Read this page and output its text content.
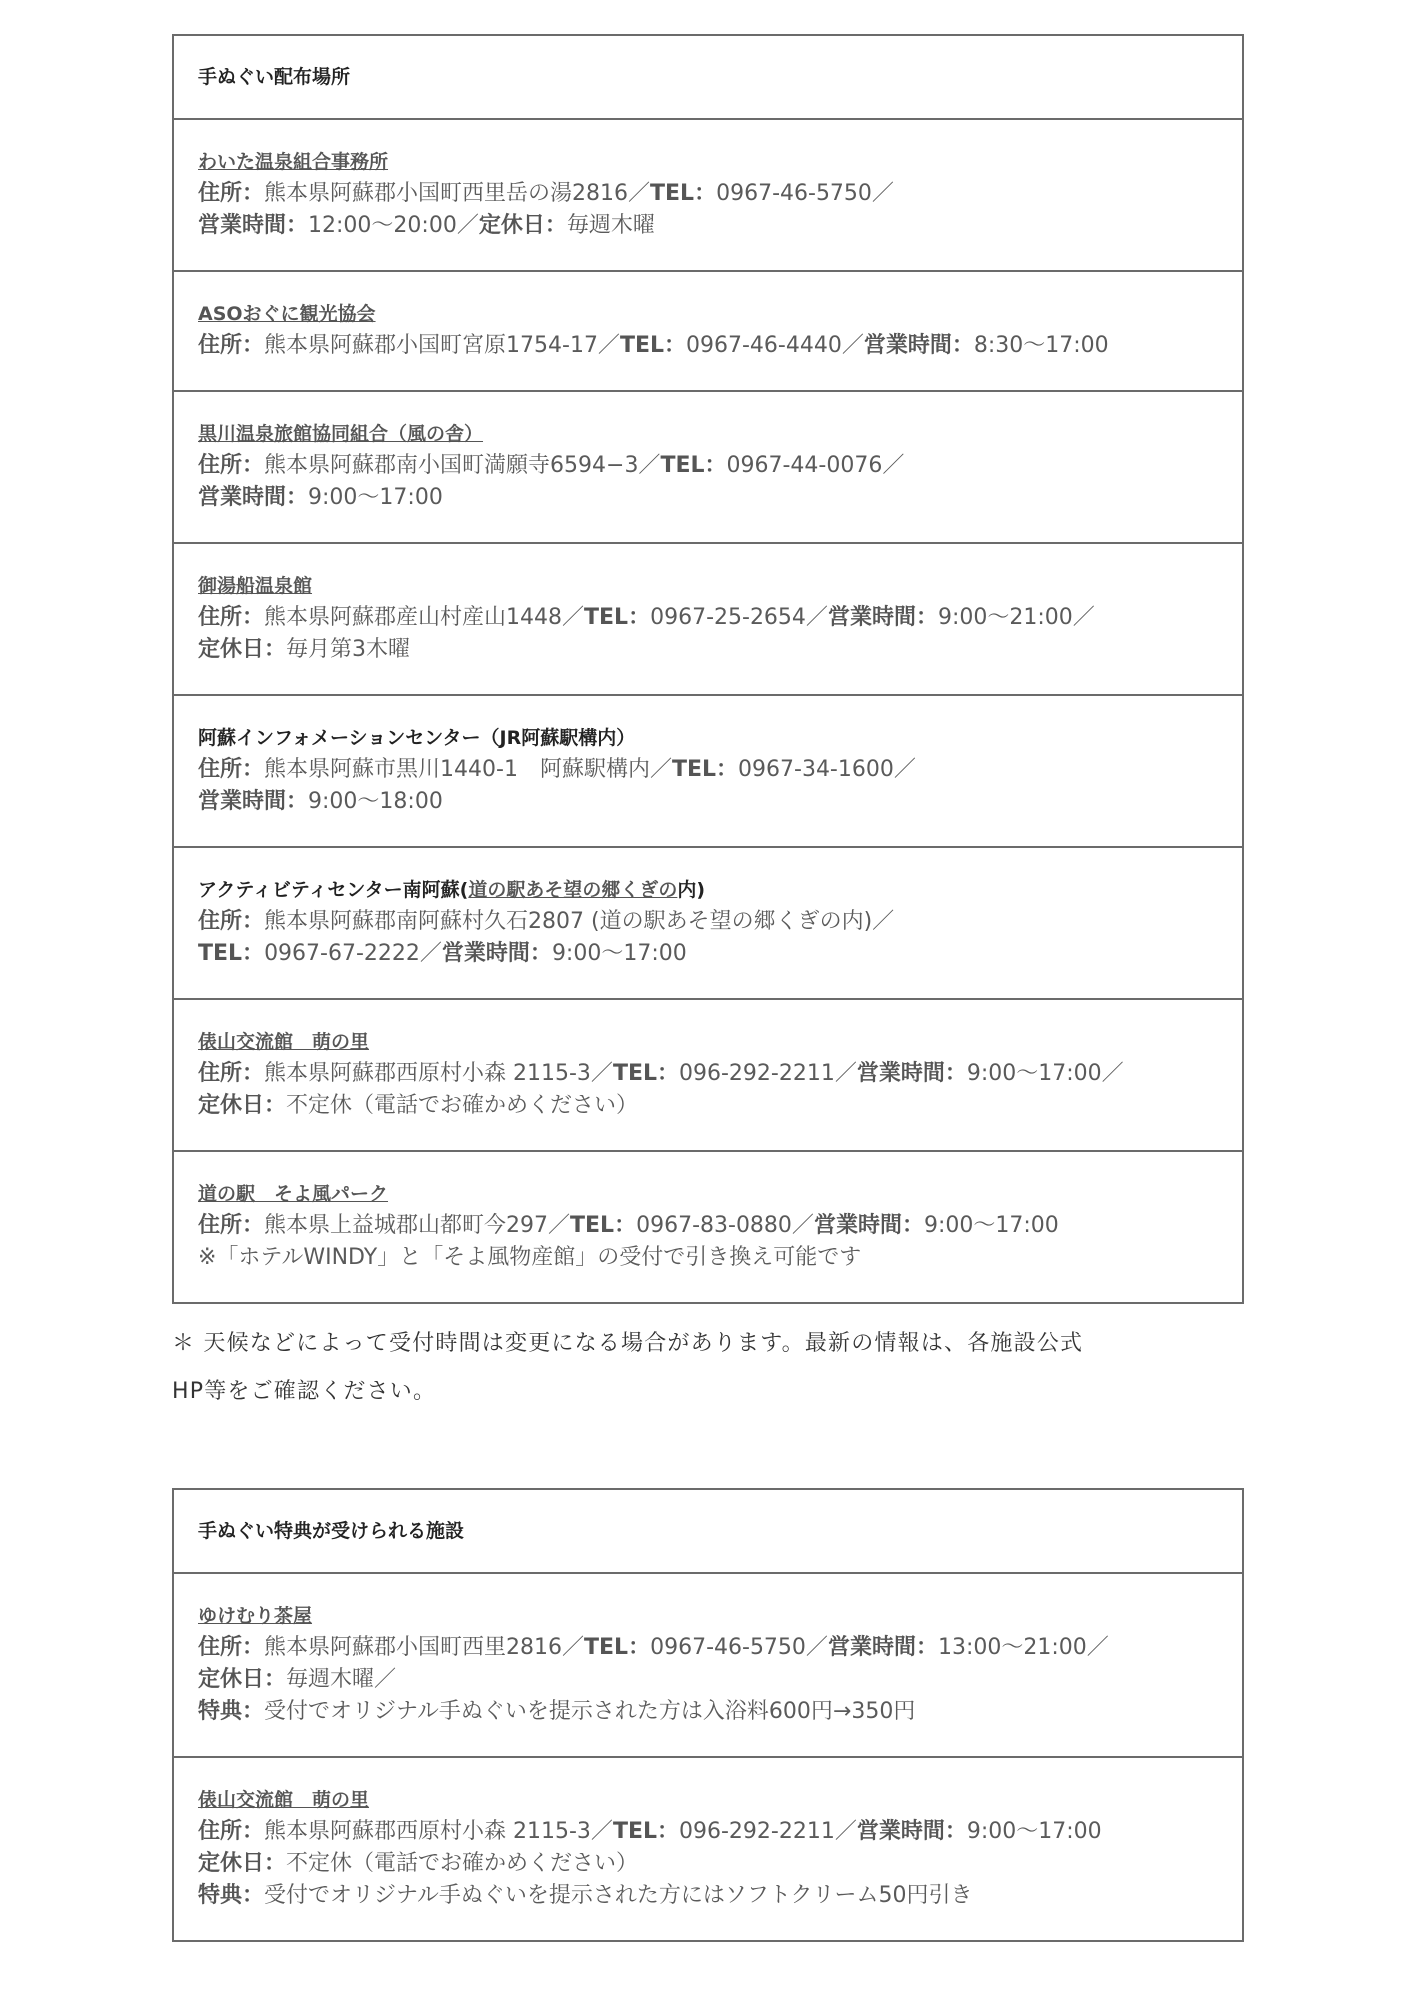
手ぬぐい配布場所

わいた温泉組合事務所
住所：熊本県阿蘇郡小国町西里岳の湯2816／TEL：0967-46-5750／
営業時間：12:00〜20:00／定休日：毎週木曜

ASOおぐに観光協会
住所：熊本県阿蘇郡小国町宮原1754-17／TEL：0967-46-4440／営業時間：8:30〜17:00

黒川温泉旅館協同組合（風の舎）
住所：熊本県阿蘇郡南小国町満願寺6594−3／TEL：0967-44-0076／
営業時間：9:00〜17:00

御湯船温泉館
住所：熊本県阿蘇郡産山村産山1448／TEL：0967-25-2654／営業時間：9:00〜21:00／
定休日：毎月第3木曜

阿蘇インフォメーションセンター（JR阿蘇駅構内）
住所：熊本県阿蘇市黒川1440-1　阿蘇駅構内／TEL：0967-34-1600／
営業時間：9:00〜18:00

アクティビティセンター南阿蘇(道の駅あそ望の郷くぎの内)
住所：熊本県阿蘇郡南阿蘇村久石2807 (道の駅あそ望の郷くぎの内)／
TEL：0967-67-2222／営業時間：9:00〜17:00

俵山交流館　萌の里
住所：熊本県阿蘇郡西原村小森 2115-3／TEL：096-292-2211／営業時間：9:00〜17:00／
定休日：不定休（電話でお確かめください）

道の駅　そよ風パーク
住所：熊本県上益城郡山都町今297／TEL：0967-83-0880／営業時間：9:00〜17:00
※「ホテルWINDY」と「そよ風物産館」の受付で引き換え可能です

＊ 天候などによって受付時間は変更になる場合があります。最新の情報は、各施設公式
HP等をご確認ください。

手ぬぐい特典が受けられる施設

ゆけむり茶屋
住所：熊本県阿蘇郡小国町西里2816／TEL：0967-46-5750／営業時間：13:00〜21:00／
定休日：毎週木曜／
特典：受付でオリジナル手ぬぐいを提示された方は入浴料600円→350円

俵山交流館　萌の里
住所：熊本県阿蘇郡西原村小森 2115-3／TEL：096-292-2211／営業時間：9:00〜17:00
定休日：不定休（電話でお確かめください）
特典：受付でオリジナル手ぬぐいを提示された方にはソフトクリーム50円引き
